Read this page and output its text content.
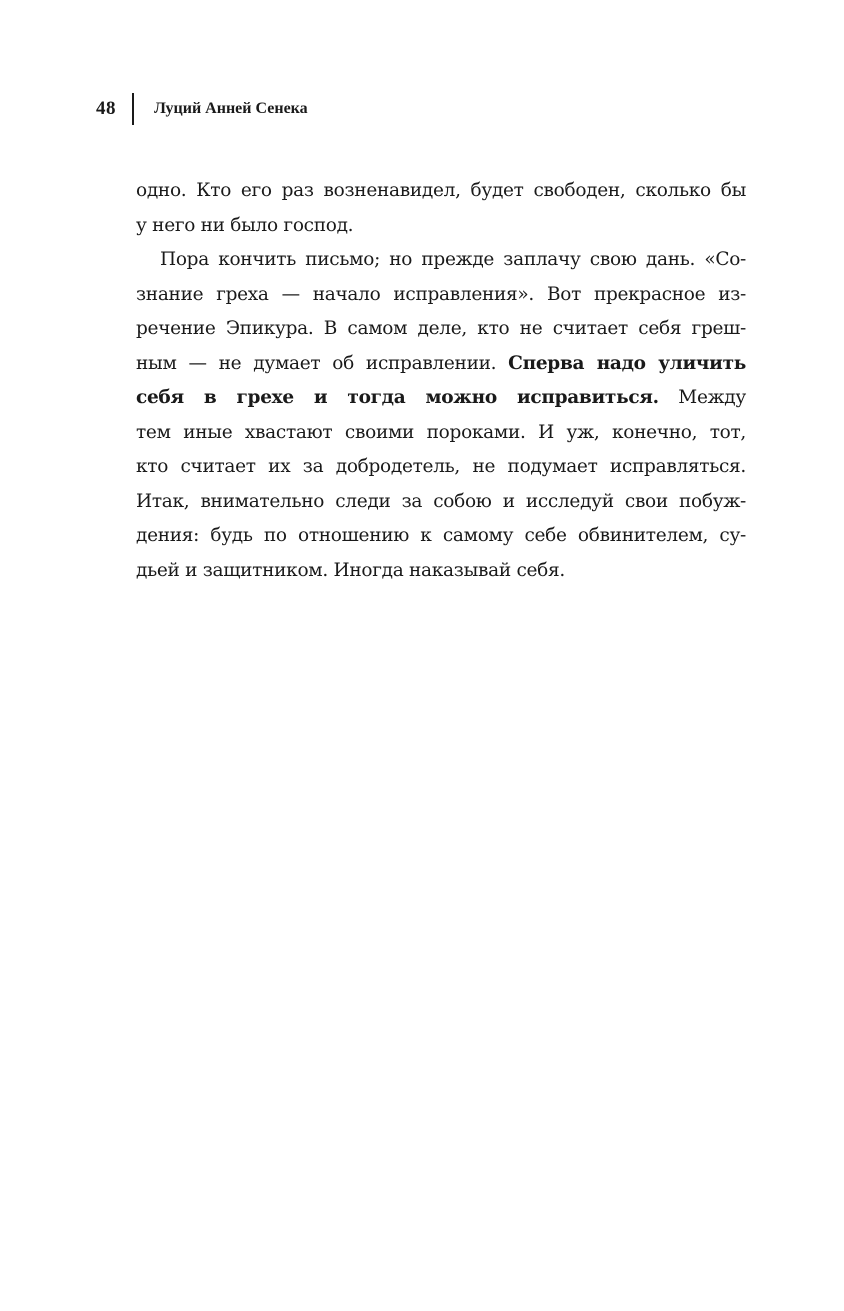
48 Луций Анней Сенека
одно. Кто его раз возненавидел, будет свободен, сколько бы
у него ни было господ.
Пора кончить письмо; но прежде заплачу свою дань. «Со-
знание греха — начало исправления». Вот прекрасное из-
речение Эпикура. В самом деле, кто не считает себя греш-
ным — не думает об исправлении. Сперва надо уличить
себя в грехе и тогда можно исправиться. Между
тем иные хвастают своими пороками. И уж, конечно, тот,
кто считает их за добродетель, не подумает исправляться.
Итак, внимательно следи за собою и исследуй свои побуж-
дения: будь по отношению к самому себе обвинителем, су-
дьей и защитником. Иногда наказывай себя.
